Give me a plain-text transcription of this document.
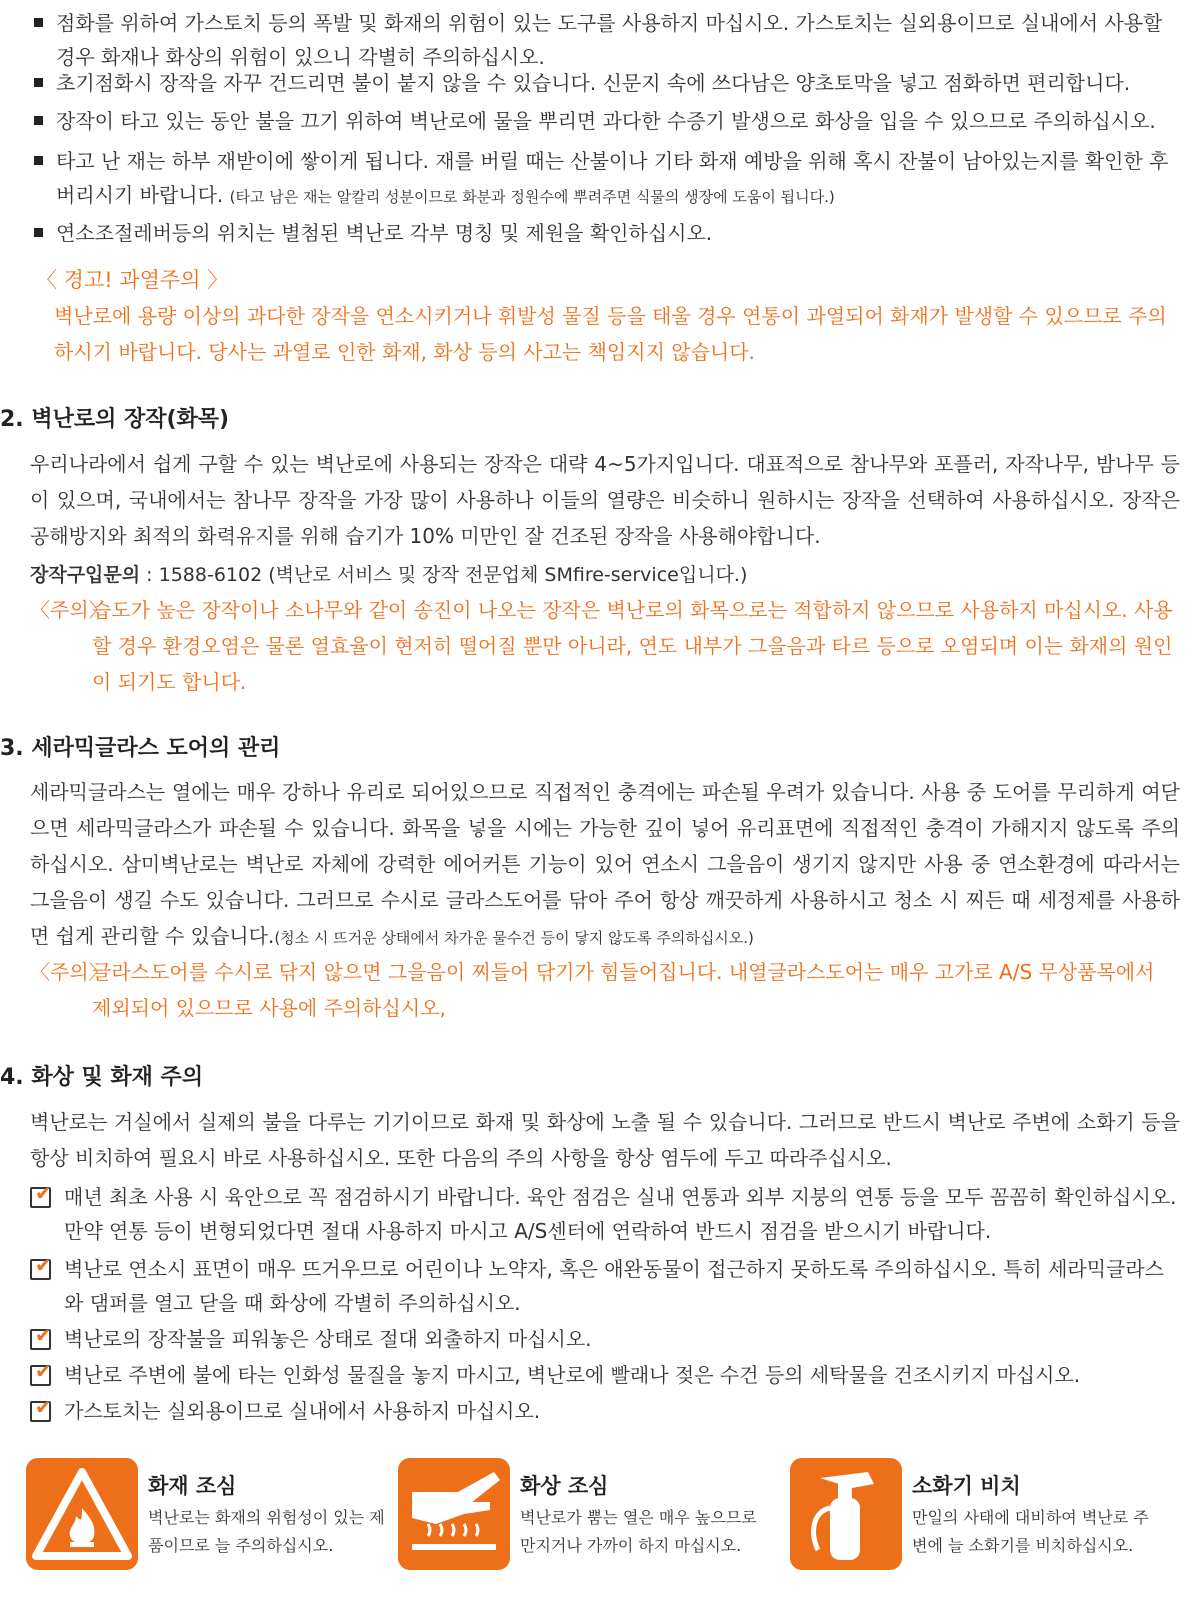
점화를 위하여 가스토치 등의 폭발 및 화재의 위험이 있는 도구를 사용하지 마십시오. 가스토치는 실외용이므로 실내에서 사용할 경우 화재나 화상의 위험이 있으니 각별히 주의하십시오.
초기점화시 장작을 자꾸 건드리면 불이 붙지 않을 수 있습니다. 신문지 속에 쓰다남은 양초토막을 넣고 점화하면 편리합니다.
장작이 타고 있는 동안 불을 끄기 위하여 벽난로에 물을 뿌리면 과다한 수증기 발생으로 화상을 입을 수 있으므로 주의하십시오.
타고 난 재는 하부 재받이에 쌓이게 됩니다. 재를 버릴 때는 산불이나 기타 화재 예방을 위해 혹시 잔불이 남아있는지를 확인한 후 버리시기 바랍니다. (타고 남은 재는 알칼리 성분이므로 화분과 정원수에 뿌려주면 식물의 생장에 도움이 됩니다.)
연소조절레버등의 위치는 별첨된 벽난로 각부 명칭 및 제원을 확인하십시오.
〈 경고! 과열주의 〉
벽난로에 용량 이상의 과다한 장작을 연소시키거나 휘발성 물질 등을 태울 경우 연통이 과열되어 화재가 발생할 수 있으므로 주의하시기 바랍니다. 당사는 과열로 인한 화재, 화상 등의 사고는 책임지지 않습니다.
2. 벽난로의 장작(화목)
우리나라에서 쉽게 구할 수 있는 벽난로에 사용되는 장작은 대략 4~5가지입니다. 대표적으로 참나무와 포플러, 자작나무, 밤나무 등이 있으며, 국내에서는 참나무 장작을 가장 많이 사용하나 이들의 열량은 비슷하니 원하시는 장작을 선택하여 사용하십시오. 장작은 공해방지와 최적의 화력유지를 위해 습기가 10% 미만인 잘 건조된 장작을 사용해야합니다.
장작구입문의 : 1588-6102 (벽난로 서비스 및 장작 전문업체 SMfire-service입니다.)
〈주의〉
습도가 높은 장작이나 소나무와 같이 송진이 나오는 장작은 벽난로의 화목으로는 적합하지 않으므로 사용하지 마십시오. 사용할 경우 환경오염은 물론 열효율이 현저히 떨어질 뿐만 아니라, 연도 내부가 그을음과 타르 등으로 오염되며 이는 화재의 원인이 되기도 합니다.
3. 세라믹글라스 도어의 관리
세라믹글라스는 열에는 매우 강하나 유리로 되어있으므로 직접적인 충격에는 파손될 우려가 있습니다. 사용 중 도어를 무리하게 여닫으면 세라믹글라스가 파손될 수 있습니다. 화목을 넣을 시에는 가능한 깊이 넣어 유리표면에 직접적인 충격이 가해지지 않도록 주의하십시오. 삼미벽난로는 벽난로 자체에 강력한 에어커튼 기능이 있어 연소시 그을음이 생기지 않지만 사용 중 연소환경에 따라서는 그을음이 생길 수도 있습니다. 그러므로 수시로 글라스도어를 닦아 주어 항상 깨끗하게 사용하시고 청소 시 찌든 때 세정제를 사용하면 쉽게 관리할 수 있습니다.(청소 시 뜨거운 상태에서 차가운 물수건 등이 닿지 않도록 주의하십시오.)
〈주의〉
글라스도어를 수시로 닦지 않으면 그을음이 찌들어 닦기가 힘들어집니다. 내열글라스도어는 매우 고가로 A/S 무상품목에서 제외되어 있으므로 사용에 주의하십시오,
4. 화상 및 화재 주의
벽난로는 거실에서 실제의 불을 다루는 기기이므로 화재 및 화상에 노출 될 수 있습니다. 그러므로 반드시 벽난로 주변에 소화기 등을 항상 비치하여 필요시 바로 사용하십시오. 또한 다음의 주의 사항을 항상 염두에 두고 따라주십시오.
✔ 매년 최초 사용 시 육안으로 꼭 점검하시기 바랍니다. 육안 점검은 실내 연통과 외부 지붕의 연통 등을 모두 꼼꼼히 확인하십시오. 만약 연통 등이 변형되었다면 절대 사용하지 마시고 A/S센터에 연락하여 반드시 점검을 받으시기 바랍니다.
✔ 벽난로 연소시 표면이 매우 뜨거우므로 어린이나 노약자, 혹은 애완동물이 접근하지 못하도록 주의하십시오. 특히 세라믹글라스와 댐퍼를 열고 닫을 때 화상에 각별히 주의하십시오.
✔ 벽난로의 장작불을 피워놓은 상태로 절대 외출하지 마십시오.
✔ 벽난로 주변에 불에 타는 인화성 물질을 놓지 마시고, 벽난로에 빨래나 젖은 수건 등의 세탁물을 건조시키지 마십시오.
✔ 가스토치는 실외용이므로 실내에서 사용하지 마십시오.
화재 조심
벽난로는 화재의 위험성이 있는 제품이므로 늘 주의하십시오.
화상 조심
벽난로가 뿜는 열은 매우 높으므로 만지거나 가까이 하지 마십시오.
소화기 비치
만일의 사태에 대비하여 벽난로 주변에 늘 소화기를 비치하십시오.
